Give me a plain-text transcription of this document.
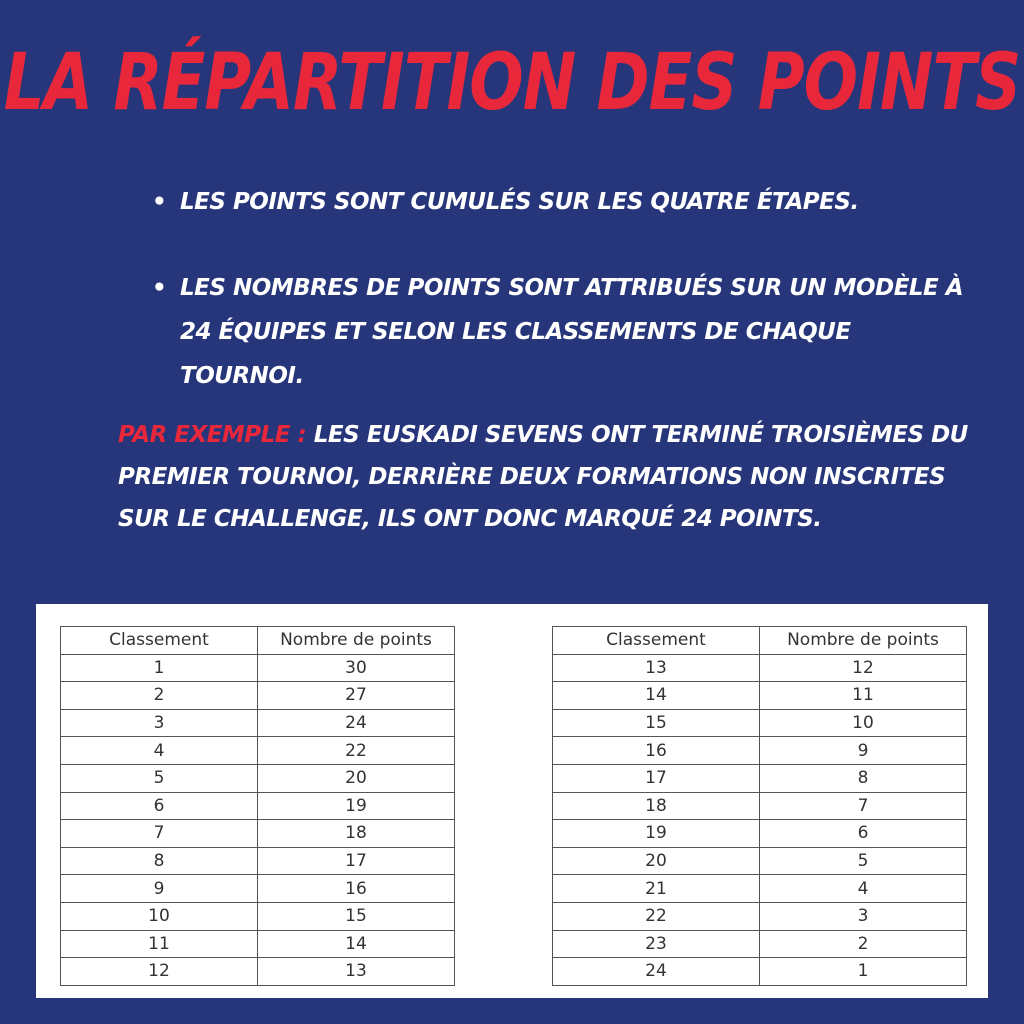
LA RÉPARTITION DES POINTS
• LES POINTS SONT CUMULÉS SUR LES QUATRE ÉTAPES.
• LES NOMBRES DE POINTS SONT ATTRIBUÉS SUR UN MODÈLE À 24 ÉQUIPES ET SELON LES CLASSEMENTS DE CHAQUE TOURNOI.
PAR EXEMPLE : LES EUSKADI SEVENS ONT TERMINÉ TROISIÈMES DU PREMIER TOURNOI, DERRIÈRE DEUX FORMATIONS NON INSCRITES SUR LE CHALLENGE, ILS ONT DONC MARQUÉ 24 POINTS.
Classement	Nombre de points
1	30
2	27
3	24
4	22
5	20
6	19
7	18
8	17
9	16
10	15
11	14
12	13
Classement	Nombre de points
13	12
14	11
15	10
16	9
17	8
18	7
19	6
20	5
21	4
22	3
23	2
24	1
